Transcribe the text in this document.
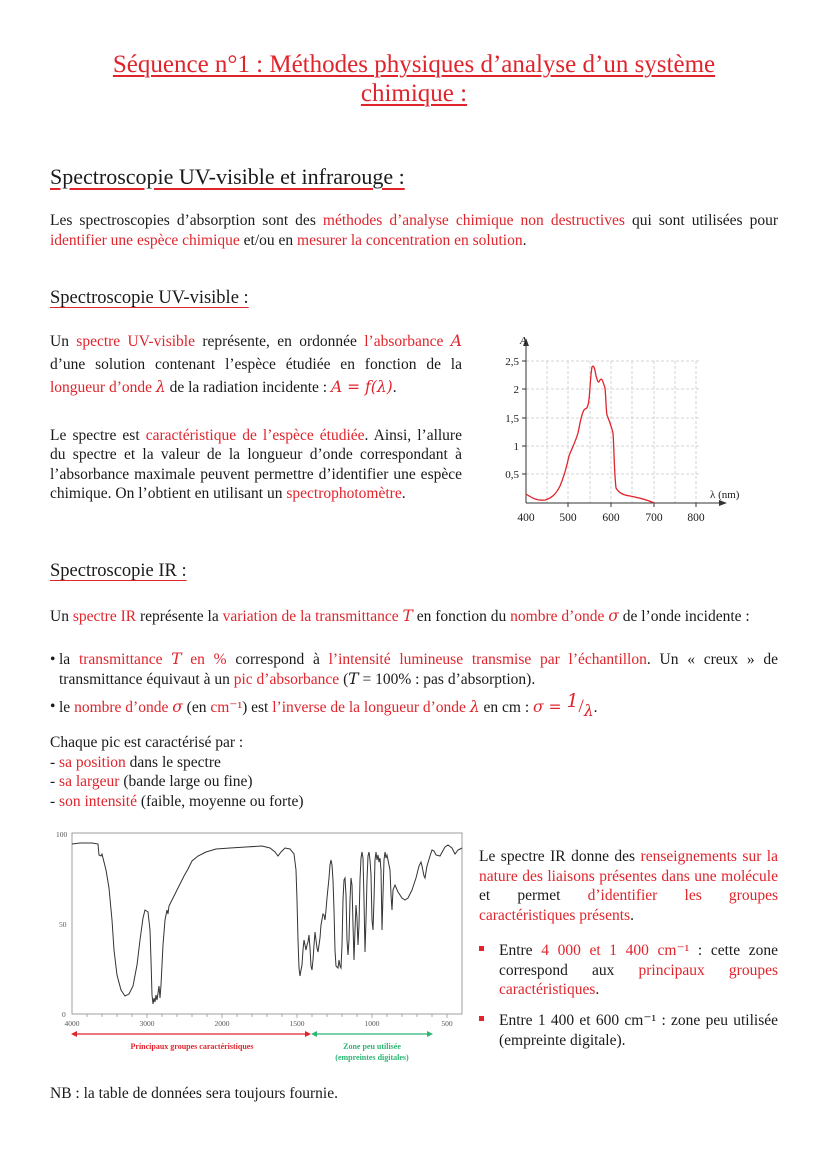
Séquence n°1 : Méthodes physiques d’analyse d’un système
chimique :
Spectroscopie UV-visible et infrarouge :
Les spectroscopies d’absorption sont des méthodes d’analyse chimique non destructives qui sont utilisées pour identifier une espèce chimique et/ou en mesurer la concentration en solution.
Spectroscopie UV-visible :
Un spectre UV-visible représente, en ordonnée l’absorbance A d’une solution contenant l’espèce étudiée en fonction de la longueur d’onde λ de la radiation incidente : A = f(λ).
Le spectre est caractéristique de l’espèce étudiée. Ainsi, l’allure du spectre et la valeur de la longueur d’onde correspondant à l’absorbance maximale peuvent permettre d’identifier une espèce chimique. On l’obtient en utilisant un spectrophotomètre.
2,5
2
1,5
1
0,5
400 500 600 700 800
A
λ (nm)
Spectroscopie IR :
Un spectre IR représente la variation de la transmittance T en fonction du nombre d’onde σ de l’onde incidente :
• la transmittance T en % correspond à l’intensité lumineuse transmise par l’échantillon. Un « creux » de transmittance équivaut à un pic d’absorbance (T = 100% : pas d’absorption).
• le nombre d’onde σ (en cm⁻¹) est l’inverse de la longueur d’onde λ en cm : σ = 1/λ.
Chaque pic est caractérisé par :
- sa position dans le spectre
- sa largeur (bande large ou fine)
- son intensité (faible, moyenne ou forte)
100
50
0
4000	3000	2000	1500	1000	500
Principaux groupes caractéristiques	Zone peu utilisée
(empreintes digitales)
Le spectre IR donne des renseignements sur la nature des liaisons présentes dans une molécule et permet d’identifier les groupes caractéristiques présents.
Entre 4 000 et 1 400 cm⁻¹ : cette zone correspond aux principaux groupes caractéristiques.
Entre 1 400 et 600 cm⁻¹ : zone peu utilisée (empreinte digitale).
NB : la table de données sera toujours fournie.
